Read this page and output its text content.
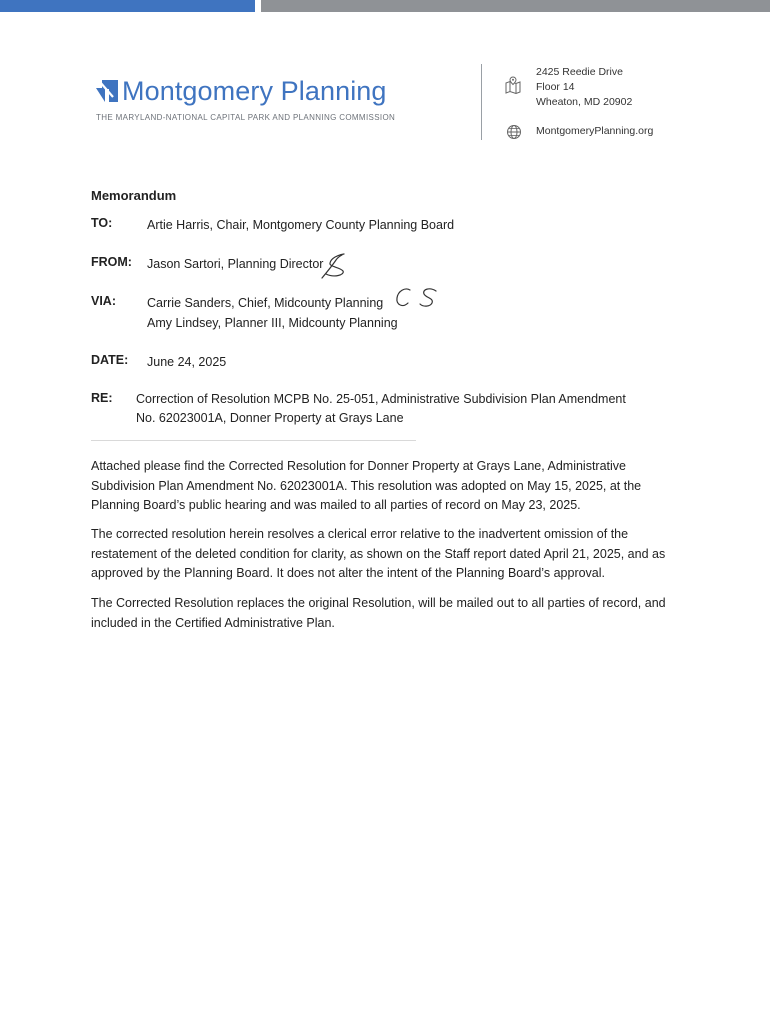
Montgomery Planning
THE MARYLAND-NATIONAL CAPITAL PARK AND PLANNING COMMISSION
2425 Reedie Drive
Floor 14
Wheaton, MD 20902
MontgomeryPlanning.org
Memorandum
TO:	Artie Harris, Chair, Montgomery County Planning Board
FROM: Jason Sartori, Planning Director
VIA: Carrie Sanders, Chief, Midcounty Planning
Amy Lindsey, Planner III, Midcounty Planning
DATE: June 24, 2025
RE: Correction of Resolution MCPB No. 25-051, Administrative Subdivision Plan Amendment
No. 62023001A, Donner Property at Grays Lane

Attached please find the Corrected Resolution for Donner Property at Grays Lane, Administrative Subdivision Plan Amendment No. 62023001A. This resolution was adopted on May 15, 2025, at the Planning Board’s public hearing and was mailed to all parties of record on May 23, 2025.

The corrected resolution herein resolves a clerical error relative to the inadvertent omission of the restatement of the deleted condition for clarity, as shown on the Staff report dated April 21, 2025, and as approved by the Planning Board. It does not alter the intent of the Planning Board’s approval.

The Corrected Resolution replaces the original Resolution, will be mailed out to all parties of record, and included in the Certified Administrative Plan.
